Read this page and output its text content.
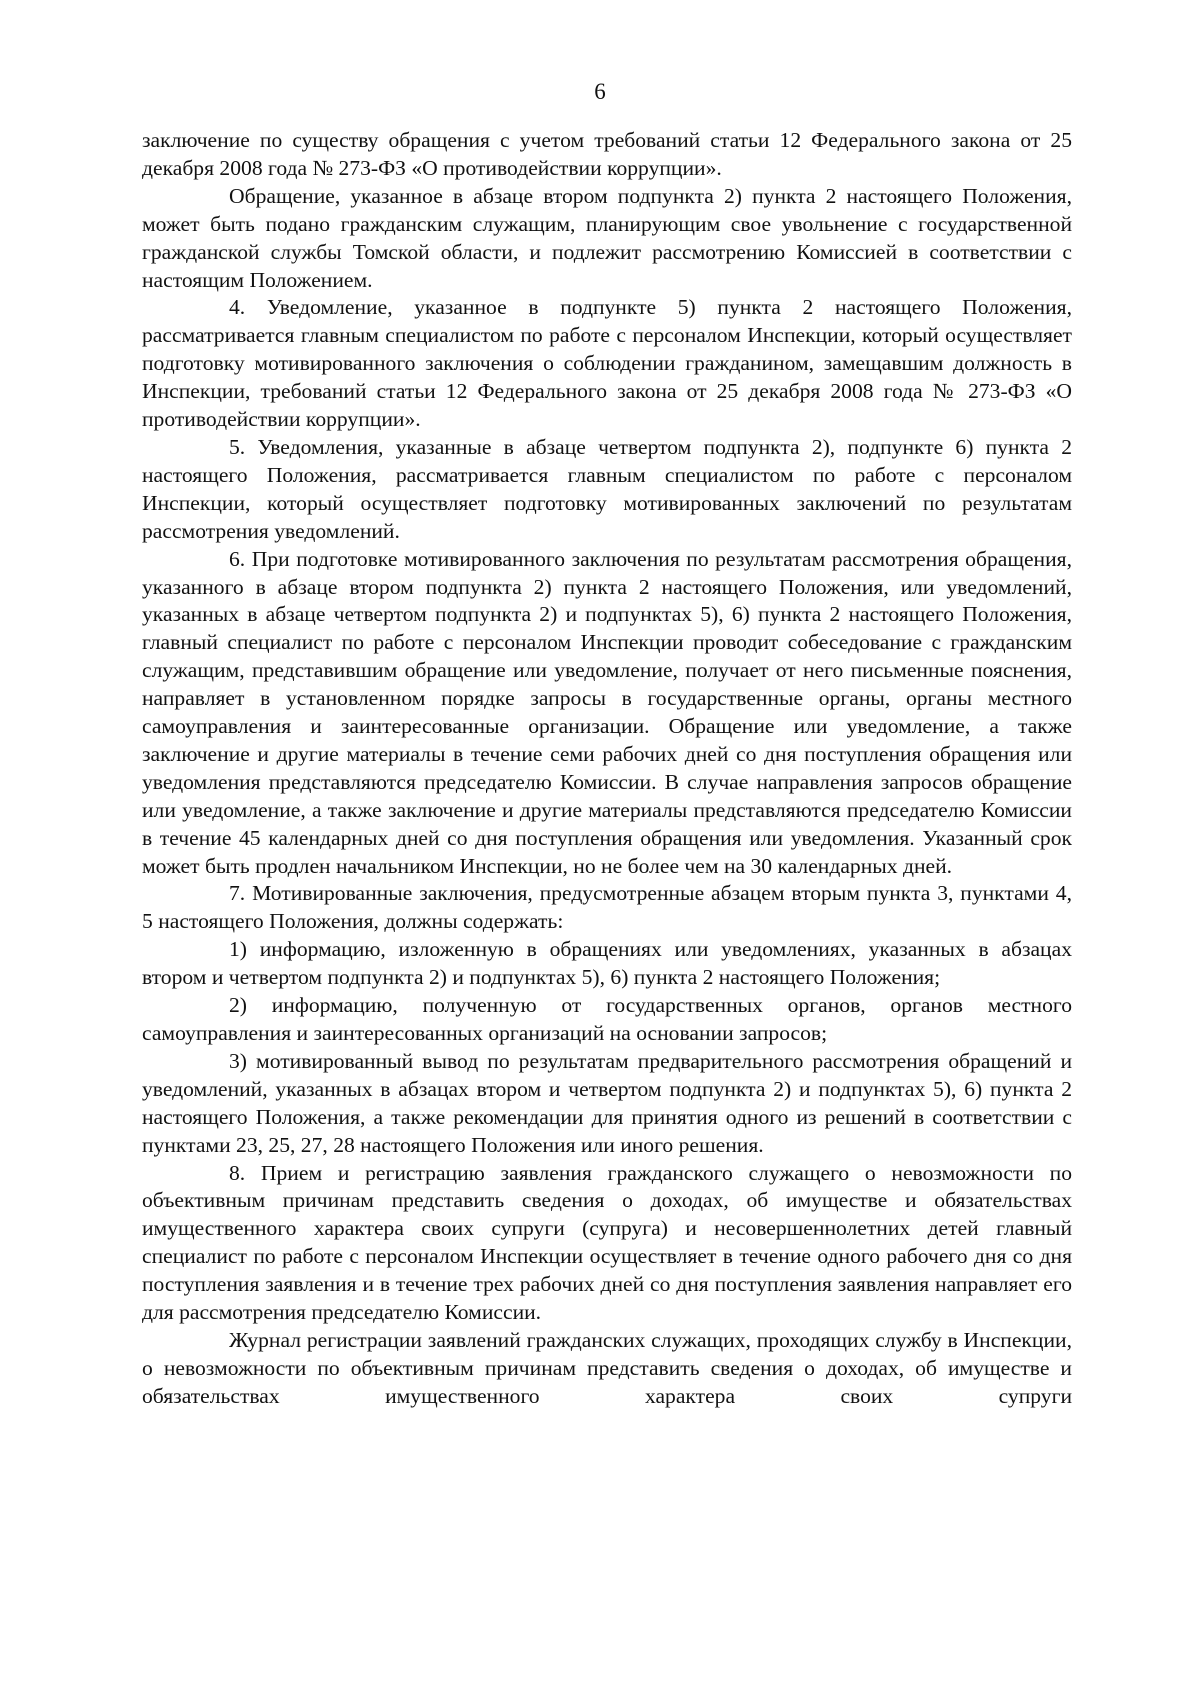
6

заключение по существу обращения с учетом требований статьи 12 Федерального закона от 25 декабря 2008 года № 273-ФЗ «О противодействии коррупции».

Обращение, указанное в абзаце втором подпункта 2) пункта 2 настоящего Положения, может быть подано гражданским служащим, планирующим свое увольнение с государственной гражданской службы Томской области, и подлежит рассмотрению Комиссией в соответствии с настоящим Положением.

4. Уведомление, указанное в подпункте 5) пункта 2 настоящего Положения, рассматривается главным специалистом по работе с персоналом Инспекции, который осуществляет подготовку мотивированного заключения о соблюдении гражданином, замещавшим должность в Инспекции, требований статьи 12 Федерального закона от 25 декабря 2008 года № 273-ФЗ «О противодействии коррупции».

5. Уведомления, указанные в абзаце четвертом подпункта 2), подпункте 6) пункта 2 настоящего Положения, рассматривается главным специалистом по работе с персоналом Инспекции, который осуществляет подготовку мотивированных заключений по результатам рассмотрения уведомлений.

6. При подготовке мотивированного заключения по результатам рассмотрения обращения, указанного в абзаце втором подпункта 2) пункта 2 настоящего Положения, или уведомлений, указанных в абзаце четвертом подпункта 2) и подпунктах 5), 6) пункта 2 настоящего Положения, главный специалист по работе с персоналом Инспекции проводит собеседование с гражданским служащим, представившим обращение или уведомление, получает от него письменные пояснения, направляет в установленном порядке запросы в государственные органы, органы местного самоуправления и заинтересованные организации. Обращение или уведомление, а также заключение и другие материалы в течение семи рабочих дней со дня поступления обращения или уведомления представляются председателю Комиссии. В случае направления запросов обращение или уведомление, а также заключение и другие материалы представляются председателю Комиссии в течение 45 календарных дней со дня поступления обращения или уведомления. Указанный срок может быть продлен начальником Инспекции, но не более чем на 30 календарных дней.

7. Мотивированные заключения, предусмотренные абзацем вторым пункта 3, пунктами 4, 5 настоящего Положения, должны содержать:

1) информацию, изложенную в обращениях или уведомлениях, указанных в абзацах втором и четвертом подпункта 2) и подпунктах 5), 6) пункта 2 настоящего Положения;

2) информацию, полученную от государственных органов, органов местного самоуправления и заинтересованных организаций на основании запросов;

3) мотивированный вывод по результатам предварительного рассмотрения обращений и уведомлений, указанных в абзацах втором и четвертом подпункта 2) и подпунктах 5), 6) пункта 2 настоящего Положения, а также рекомендации для принятия одного из решений в соответствии с пунктами 23, 25, 27, 28 настоящего Положения или иного решения.

8. Прием и регистрацию заявления гражданского служащего о невозможности по объективным причинам представить сведения о доходах, об имуществе и обязательствах имущественного характера своих супруги (супруга) и несовершеннолетних детей главный специалист по работе с персоналом Инспекции осуществляет в течение одного рабочего дня со дня поступления заявления и в течение трех рабочих дней со дня поступления заявления направляет его для рассмотрения председателю Комиссии.

Журнал регистрации заявлений гражданских служащих, проходящих службу в Инспекции, о невозможности по объективным причинам представить сведения о доходах, об имуществе и обязательствах имущественного характера своих супруги
